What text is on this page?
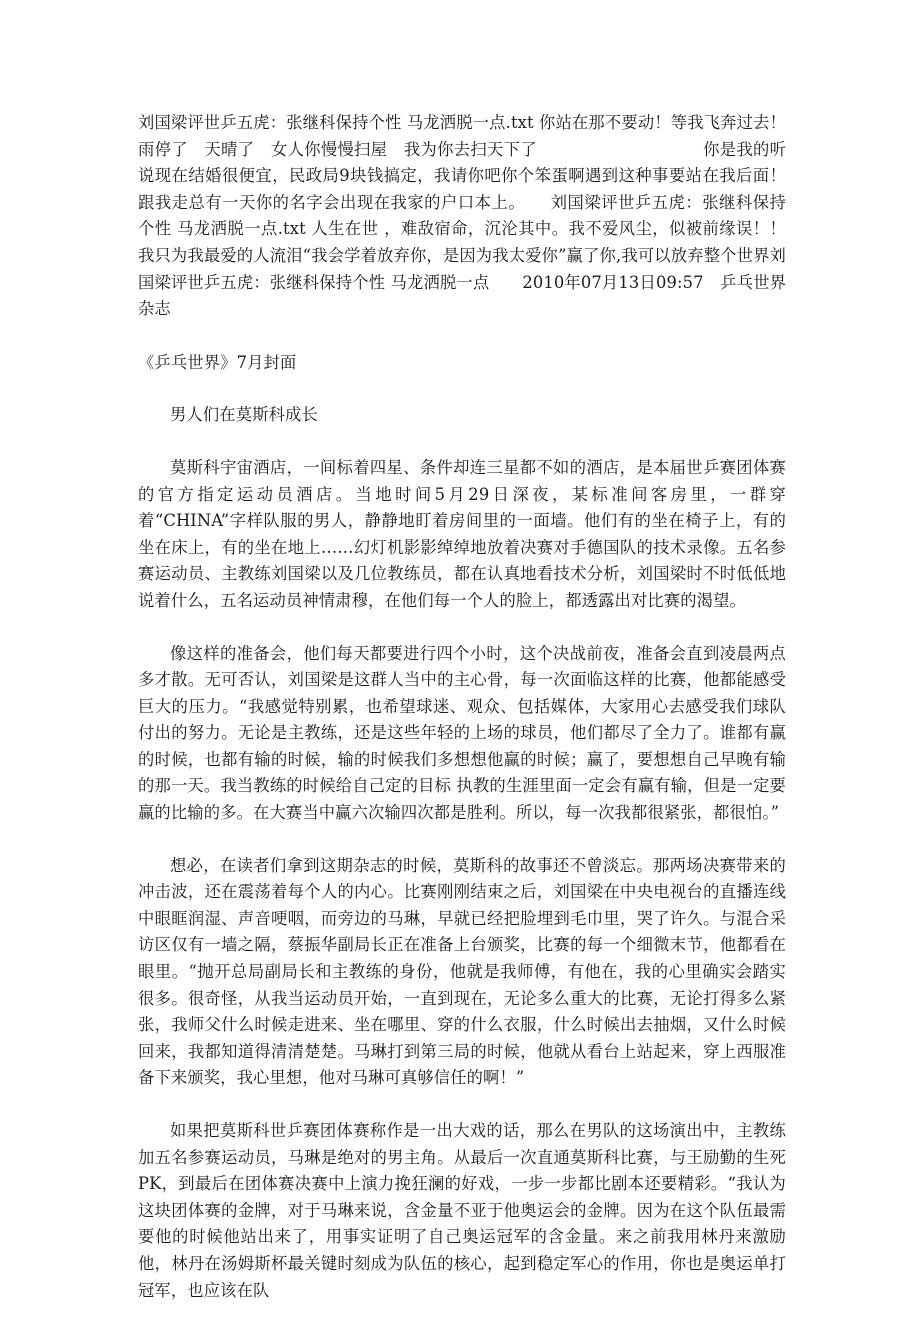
刘国梁评世乒五虎：张继科保持个性 马龙洒脱一点.txt 你站在那不要动！等我飞奔过去！ 雨停了　天晴了　女人你慢慢扫屋　我为你去扫天下了　　　　　　　　　　你是我的听说现在结婚很便宜，民政局9块钱搞定，我请你吧你个笨蛋啊遇到这种事要站在我后面！　　跟我走总有一天你的名字会出现在我家的户口本上。　　刘国梁评世乒五虎：张继科保持个性 马龙洒脱一点.txt 人生在世 ，难敌宿命，沉沦其中。我不爱风尘，似被前缘误！！我只为我最爱的人流泪“我会学着放弃你，是因为我太爱你”赢了你,我可以放弃整个世界刘国梁评世乒五虎：张继科保持个性 马龙洒脱一点　　2010年07月13日09:57　乒乓世界杂志

《乒乓世界》7月封面

男人们在莫斯科成长

莫斯科宇宙酒店，一间标着四星、条件却连三星都不如的酒店，是本届世乒赛团体赛的官方指定运动员酒店。当地时间5月29日深夜，某标准间客房里，一群穿着“CHINA”字样队服的男人，静静地盯着房间里的一面墙。他们有的坐在椅子上，有的坐在床上，有的坐在地上……幻灯机影影绰绰地放着决赛对手德国队的技术录像。五名参赛运动员、主教练刘国梁以及几位教练员，都在认真地看技术分析，刘国梁时不时低低地说着什么，五名运动员神情肃穆，在他们每一个人的脸上，都透露出对比赛的渴望。

像这样的准备会，他们每天都要进行四个小时，这个决战前夜，准备会直到凌晨两点多才散。无可否认，刘国梁是这群人当中的主心骨，每一次面临这样的比赛，他都能感受巨大的压力。“我感觉特别累，也希望球迷、观众、包括媒体，大家用心去感受我们球队付出的努力。无论是主教练，还是这些年轻的上场的球员，他们都尽了全力了。谁都有赢的时候，也都有输的时候，输的时候我们多想想他赢的时候；赢了，要想想自己早晚有输的那一天。我当教练的时候给自己定的目标 执教的生涯里面一定会有赢有输，但是一定要赢的比输的多。在大赛当中赢六次输四次都是胜利。所以，每一次我都很紧张，都很怕。”

想必，在读者们拿到这期杂志的时候，莫斯科的故事还不曾淡忘。那两场决赛带来的冲击波，还在震荡着每个人的内心。比赛刚刚结束之后，刘国梁在中央电视台的直播连线中眼眶润湿、声音哽咽，而旁边的马琳，早就已经把脸埋到毛巾里，哭了许久。与混合采访区仅有一墙之隔，蔡振华副局长正在准备上台颁奖，比赛的每一个细微末节，他都看在眼里。“抛开总局副局长和主教练的身份，他就是我师傅，有他在，我的心里确实会踏实很多。很奇怪，从我当运动员开始，一直到现在，无论多么重大的比赛，无论打得多么紧张，我师父什么时候走进来、坐在哪里、穿的什么衣服，什么时候出去抽烟，又什么时候回来，我都知道得清清楚楚。马琳打到第三局的时候，他就从看台上站起来，穿上西服准备下来颁奖，我心里想，他对马琳可真够信任的啊！”

如果把莫斯科世乒赛团体赛称作是一出大戏的话，那么在男队的这场演出中，主教练加五名参赛运动员，马琳是绝对的男主角。从最后一次直通莫斯科比赛，与王励勤的生死PK，到最后在团体赛决赛中上演力挽狂澜的好戏，一步一步都比剧本还要精彩。“我认为这块团体赛的金牌，对于马琳来说，含金量不亚于他奥运会的金牌。因为在这个队伍最需要他的时候他站出来了，用事实证明了自己奥运冠军的含金量。来之前我用林丹来激励他，林丹在汤姆斯杯最关键时刻成为队伍的核心，起到稳定军心的作用，你也是奥运单打冠军，也应该在队
